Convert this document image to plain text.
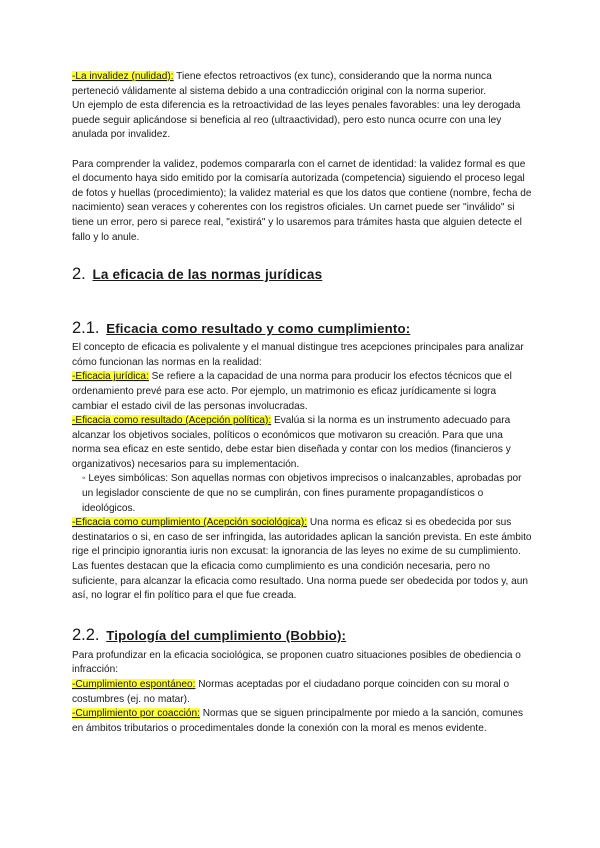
-La invalidez (nulidad): Tiene efectos retroactivos (ex tunc), considerando que la norma nunca perteneció válidamente al sistema debido a una contradicción original con la norma superior.

Un ejemplo de esta diferencia es la retroactividad de las leyes penales favorables: una ley derogada puede seguir aplicándose si beneficia al reo (ultraactividad), pero esto nunca ocurre con una ley anulada por invalidez.

Para comprender la validez, podemos compararla con el carnet de identidad: la validez formal es que el documento haya sido emitido por la comisaría autorizada (competencia) siguiendo el proceso legal de fotos y huellas (procedimiento); la validez material es que los datos que contiene (nombre, fecha de nacimiento) sean veraces y coherentes con los registros oficiales. Un carnet puede ser "inválido" si tiene un error, pero si parece real, "existirá" y lo usaremos para trámites hasta que alguien detecte el fallo y lo anule.

2. La eficacia de las normas jurídicas
2.1. Eficacia como resultado y como cumplimiento:

El concepto de eficacia es polivalente y el manual distingue tres acepciones principales para analizar cómo funcionan las normas en la realidad:

-Eficacia jurídica: Se refiere a la capacidad de una norma para producir los efectos técnicos que el ordenamiento prevé para ese acto. Por ejemplo, un matrimonio es eficaz jurídicamente si logra cambiar el estado civil de las personas involucradas.

-Eficacia como resultado (Acepción política): Evalúa si la norma es un instrumento adecuado para alcanzar los objetivos sociales, políticos o económicos que motivaron su creación. Para que una norma sea eficaz en este sentido, debe estar bien diseñada y contar con los medios (financieros y organizativos) necesarios para su implementación.

◦ Leyes simbólicas: Son aquellas normas con objetivos imprecisos o inalcanzables, aprobadas por un legislador consciente de que no se cumplirán, con fines puramente propagandísticos o ideológicos.

-Eficacia como cumplimiento (Acepción sociológica): Una norma es eficaz si es obedecida por sus destinatarios o si, en caso de ser infringida, las autoridades aplican la sanción prevista. En este ámbito rige el principio ignorantia iuris non excusat: la ignorancia de las leyes no exime de su cumplimiento.

Las fuentes destacan que la eficacia como cumplimiento es una condición necesaria, pero no suficiente, para alcanzar la eficacia como resultado. Una norma puede ser obedecida por todos y, aun así, no lograr el fin político para el que fue creada.

2.2. Tipología del cumplimiento (Bobbio):

Para profundizar en la eficacia sociológica, se proponen cuatro situaciones posibles de obediencia o infracción:

-Cumplimiento espontáneo: Normas aceptadas por el ciudadano porque coinciden con su moral o costumbres (ej. no matar).

-Cumplimiento por coacción: Normas que se siguen principalmente por miedo a la sanción, comunes en ámbitos tributarios o procedimentales donde la conexión con la moral es menos evidente.
